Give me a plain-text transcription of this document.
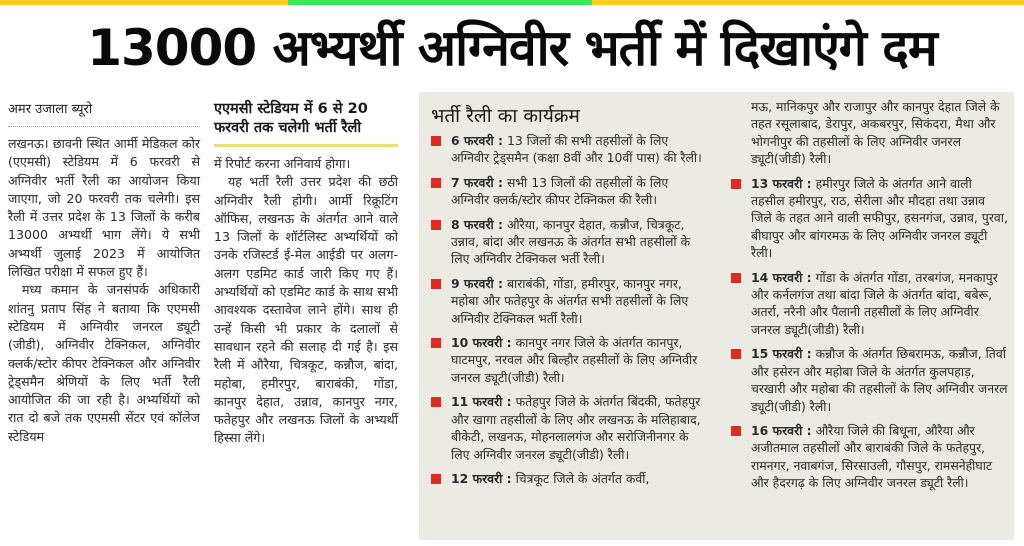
13000 अभ्यर्थी अग्निवीर भर्ती में दिखाएंगे दम
अमर उजाला ब्यूरो

लखनऊ। छावनी स्थित आर्मी मेडिकल कोर (एएमसी) स्टेडियम में 6 फरवरी से अग्निवीर भर्ती रैली का आयोजन किया जाएगा, जो 20 फरवरी तक चलेगी। इस रैली में उत्तर प्रदेश के 13 जिलों के करीब 13000 अभ्यर्थी भाग लेंगे। ये सभी अभ्यर्थी जुलाई 2023 में आयोजित लिखित परीक्षा में सफल हुए हैं।

मध्य कमान के जनसंपर्क अधिकारी शांतनु प्रताप सिंह ने बताया कि एएमसी स्टेडियम में अग्निवीर जनरल ड्यूटी (जीडी), अग्निवीर टेक्निकल, अग्निवीर क्लर्क/स्टोर कीपर टेक्निकल और अग्निवीर ट्रेड्समैन श्रेणियों के लिए भर्ती रैली आयोजित की जा रही है। अभ्यर्थियों को रात दो बजे तक एएमसी सेंटर एवं कॉलेज स्टेडियम

एएमसी स्टेडियम में 6 से 20 फरवरी तक चलेगी भर्ती रैली

में रिपोर्ट करना अनिवार्य होगा।

यह भर्ती रैली उत्तर प्रदेश की छठी अग्निवीर रैली होगी। आर्मी रिक्रूटिंग ऑफिस, लखनऊ के अंतर्गत आने वाले 13 जिलों के शॉर्टलिस्ट अभ्यर्थियों को उनके रजिस्टर्ड ई-मेल आईडी पर अलग-अलग एडमिट कार्ड जारी किए गए हैं। अभ्यर्थियों को एडमिट कार्ड के साथ सभी आवश्यक दस्तावेज लाने होंगे। साथ ही उन्हें किसी भी प्रकार के दलालों से सावधान रहने की सलाह दी गई है। इस रैली में औरैया, चित्रकूट, कन्नौज, बांदा, महोबा, हमीरपुर, बाराबंकी, गोंडा, कानपुर देहात, उन्नाव, कानपुर नगर, फतेहपुर और लखनऊ जिलों के अभ्यर्थी हिस्सा लेंगे।

भर्ती रैली का कार्यक्रम
6 फरवरी : 13 जिलों की सभी तहसीलों के लिए अग्निवीर ट्रेड्समैन (कक्षा 8वीं और 10वीं पास) की रैली।
7 फरवरी : सभी 13 जिलों की तहसीलों के लिए अग्निवीर क्लर्क/स्टोर कीपर टेक्निकल की रैली।
8 फरवरी : औरैया, कानपुर देहात, कन्नौज, चित्रकूट, उन्नाव, बांदा और लखनऊ के अंतर्गत सभी तहसीलों के लिए अग्निवीर टेक्निकल भर्ती रैली।
9 फरवरी : बाराबंकी, गोंडा, हमीरपुर, कानपुर नगर, महोबा और फतेहपुर के अंतर्गत सभी तहसीलों के लिए अग्निवीर टेक्निकल भर्ती रैली।
10 फरवरी : कानपुर नगर जिले के अंतर्गत कानपुर, घाटमपुर, नरवल और बिल्हौर तहसीलों के लिए अग्निवीर जनरल ड्यूटी(जीडी) रैली।
11 फरवरी : फतेहपुर जिले के अंतर्गत बिंदकी, फतेहपुर और खागा तहसीलों के लिए और लखनऊ के मलिहाबाद, बीकेटी, लखनऊ, मोहनलालगंज और सरोजिनीनगर के लिए अग्निवीर जनरल ड्यूटी(जीडी) रैली।
12 फरवरी : चित्रकूट जिले के अंतर्गत कर्वी,
मऊ, मानिकपुर और राजापुर और कानपुर देहात जिले के तहत रसूलाबाद, डेरापुर, अकबरपुर, सिकंदरा, मैथा और भोगनीपुर की तहसीलों के लिए अग्निवीर जनरल ड्यूटी(जीडी) रैली।
13 फरवरी : हमीरपुर जिले के अंतर्गत आने वाली तहसील हमीरपुर, राठ, सेरीला और मौदहा तथा उन्नाव जिले के तहत आने वाली सफीपुर, हसनगंज, उन्नाव, पुरवा, बीघापुर और बांगरमऊ के लिए अग्निवीर जनरल ड्यूटी रैली।
14 फरवरी : गोंडा के अंतर्गत गोंडा, तरबगंज, मनकापुर और कर्नलगंज तथा बांदा जिले के अंतर्गत बांदा, बबेरू, अतर्रा, नरैनी और पैलानी तहसीलों के लिए अग्निवीर जनरल ड्यूटी(जीडी) रैली।
15 फरवरी : कन्नौज के अंतर्गत छिबरामऊ, कन्नौज, तिर्वा और हसेरन और महोबा जिले के अंतर्गत कुलपहाड़, चरखारी और महोबा की तहसीलों के लिए अग्निवीर जनरल ड्यूटी(जीडी) रैली।
16 फरवरी : औरैया जिले की बिधूना, औरैया और अजीतमाल तहसीलों और बाराबंकी जिले के फतेहपुर, रामनगर, नवाबगंज, सिरसाउली, गौसपुर, रामसनेहीघाट और हैदरगढ़ के लिए अग्निवीर जनरल ड्यूटी रैली।
